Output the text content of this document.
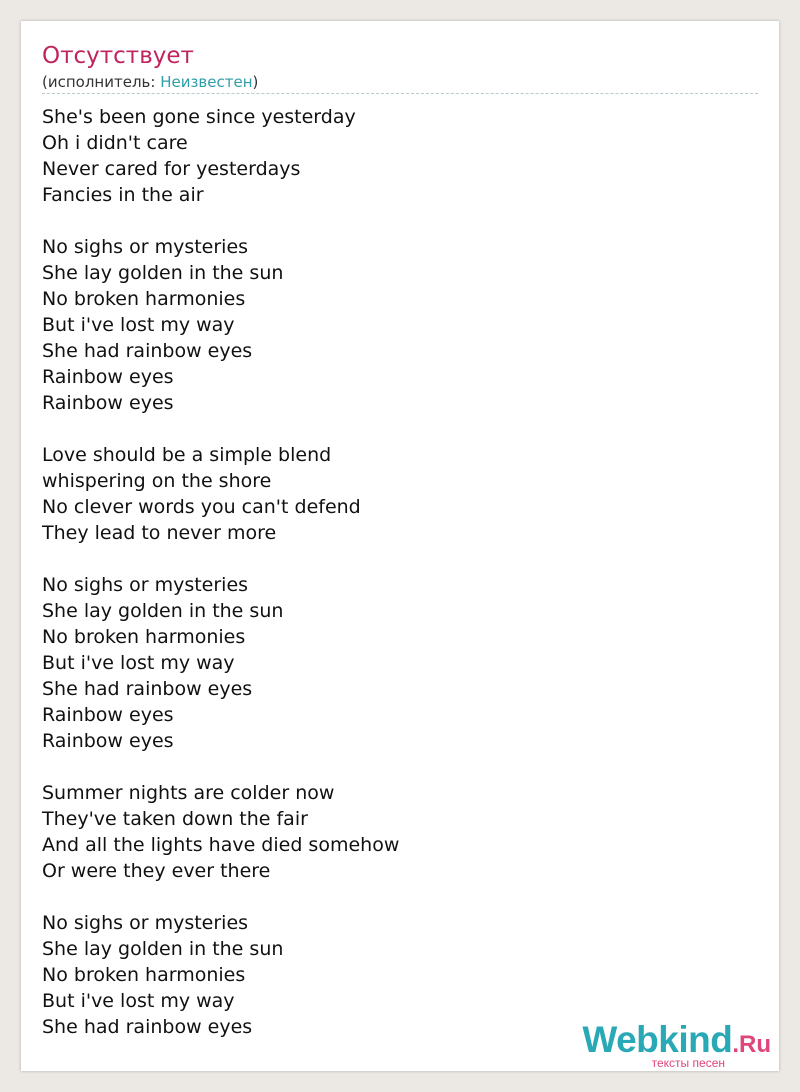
Отсутствует
(исполнитель: Неизвестен)
She's been gone since yesterday
Oh i didn't care
Never cared for yesterdays
Fancies in the air
No sighs or mysteries
She lay golden in the sun
No broken harmonies
But i've lost my way
She had rainbow eyes
Rainbow eyes
Rainbow eyes
Love should be a simple blend
whispering on the shore
No clever words you can't defend
They lead to never more
No sighs or mysteries
She lay golden in the sun
No broken harmonies
But i've lost my way
She had rainbow eyes
Rainbow eyes
Rainbow eyes
Summer nights are colder now
They've taken down the fair
And all the lights have died somehow
Or were they ever there
No sighs or mysteries
She lay golden in the sun
No broken harmonies
But i've lost my way
She had rainbow eyes	Webkind.Ru
тексты песен
